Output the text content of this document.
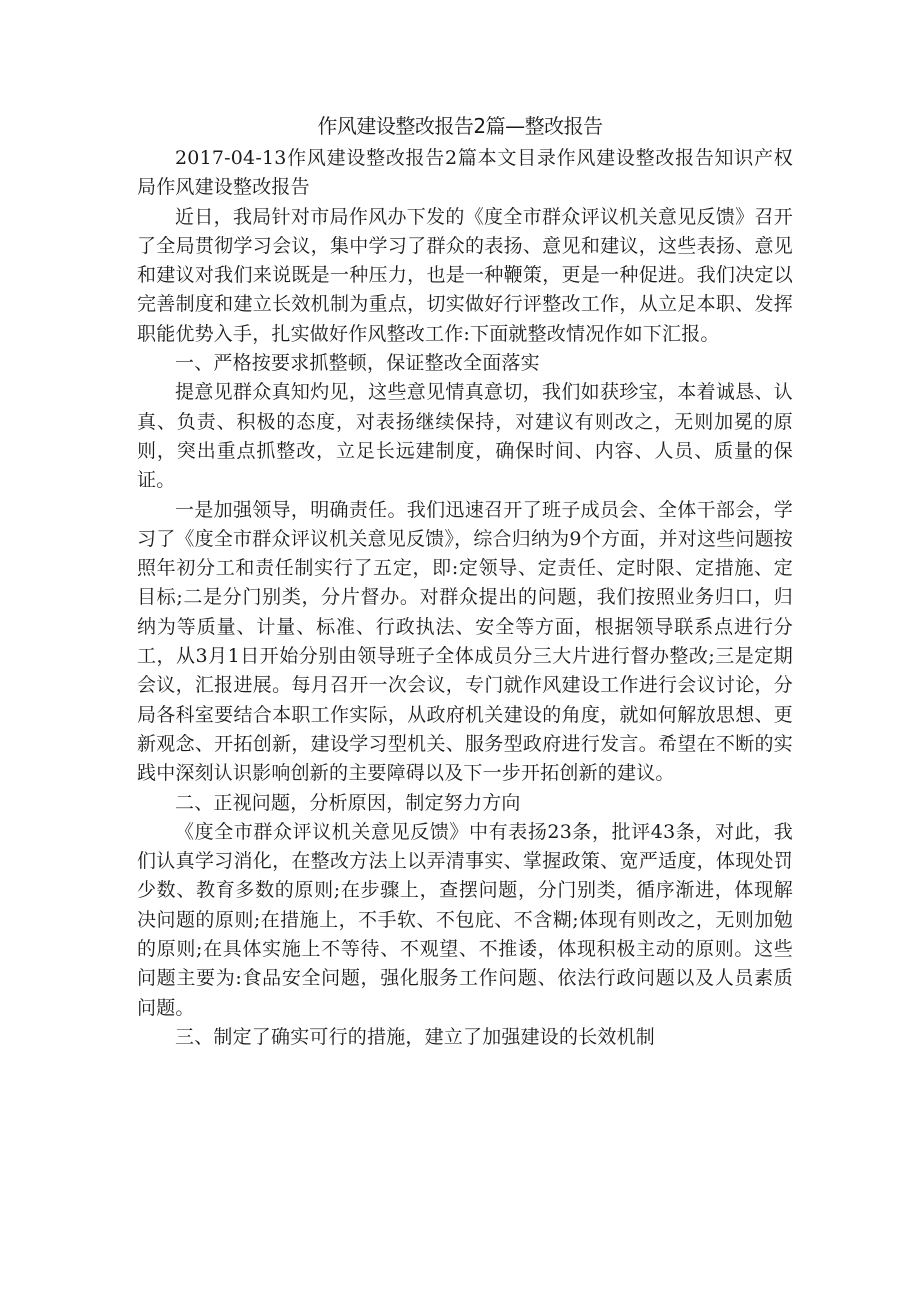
作风建设整改报告2篇—整改报告

2017-04-13作风建设整改报告2篇本文目录作风建设整改报告知识产权局作风建设整改报告

近日，我局针对市局作风办下发的《度全市群众评议机关意见反馈》召开了全局贯彻学习会议，集中学习了群众的表扬、意见和建议，这些表扬、意见和建议对我们来说既是一种压力，也是一种鞭策，更是一种促进。我们决定以完善制度和建立长效机制为重点，切实做好行评整改工作，从立足本职、发挥职能优势入手，扎实做好作风整改工作:下面就整改情况作如下汇报。

一、严格按要求抓整顿，保证整改全面落实

提意见群众真知灼见，这些意见情真意切，我们如获珍宝，本着诚恳、认真、负责、积极的态度，对表扬继续保持，对建议有则改之，无则加冕的原则，突出重点抓整改，立足长远建制度，确保时间、内容、人员、质量的保证。

一是加强领导，明确责任。我们迅速召开了班子成员会、全体干部会，学习了《度全市群众评议机关意见反馈》，综合归纳为9个方面，并对这些问题按照年初分工和责任制实行了五定，即:定领导、定责任、定时限、定措施、定目标;二是分门别类，分片督办。对群众提出的问题，我们按照业务归口，归纳为等质量、计量、标准、行政执法、安全等方面，根据领导联系点进行分工，从3月1日开始分别由领导班子全体成员分三大片进行督办整改;三是定期会议，汇报进展。每月召开一次会议，专门就作风建设工作进行会议讨论，分局各科室要结合本职工作实际，从政府机关建设的角度，就如何解放思想、更新观念、开拓创新，建设学习型机关、服务型政府进行发言。希望在不断的实践中深刻认识影响创新的主要障碍以及下一步开拓创新的建议。

二、正视问题，分析原因，制定努力方向

《度全市群众评议机关意见反馈》中有表扬23条，批评43条，对此，我们认真学习消化，在整改方法上以弄清事实、掌握政策、宽严适度，体现处罚少数、教育多数的原则;在步骤上，查摆问题，分门别类，循序渐进，体现解决问题的原则;在措施上，不手软、不包庇、不含糊;体现有则改之，无则加勉的原则;在具体实施上不等待、不观望、不推诿，体现积极主动的原则。这些问题主要为:食品安全问题，强化服务工作问题、依法行政问题以及人员素质问题。

三、制定了确实可行的措施，建立了加强建设的长效机制
